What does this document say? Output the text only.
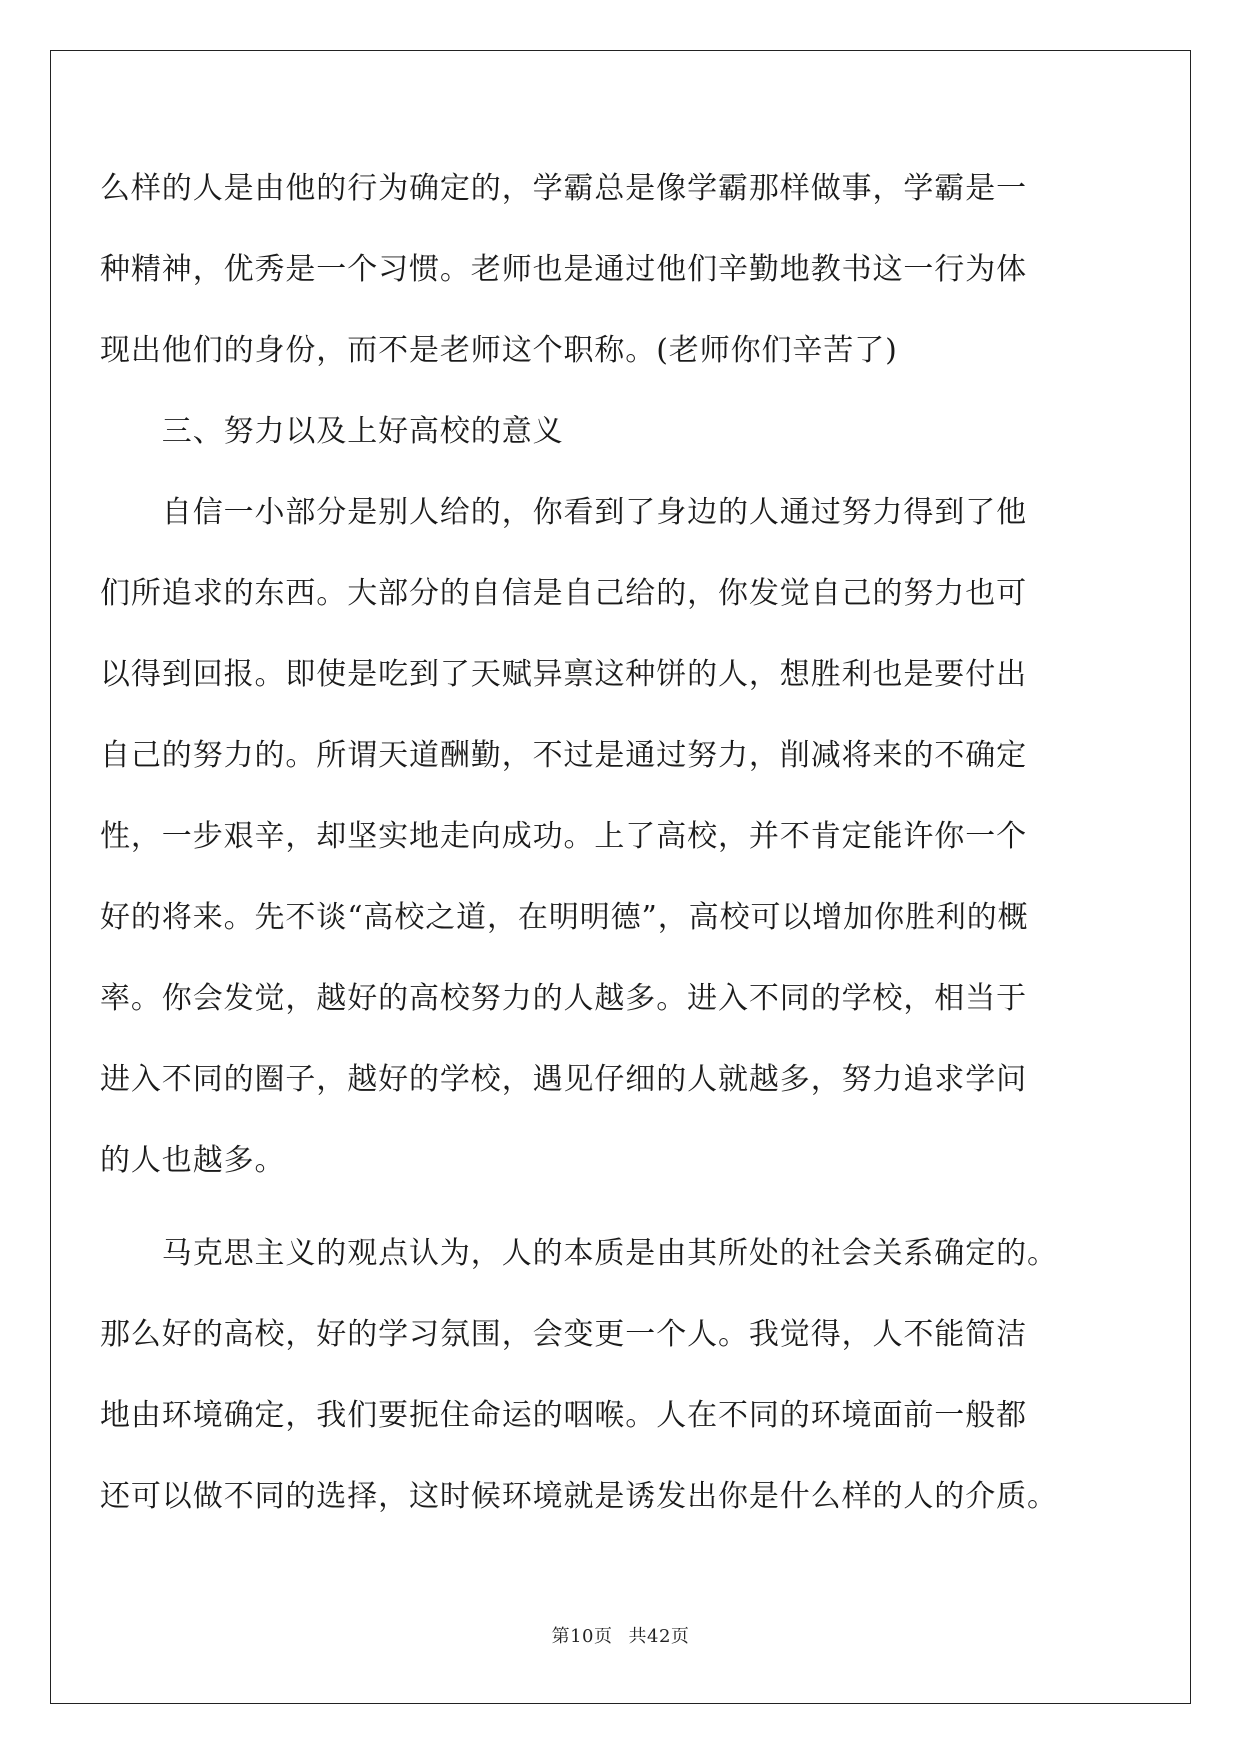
么样的人是由他的行为确定的，学霸总是像学霸那样做事，学霸是一
种精神，优秀是一个习惯。老师也是通过他们辛勤地教书这一行为体
现出他们的身份，而不是老师这个职称。(老师你们辛苦了)
　　三、努力以及上好高校的意义
　　自信一小部分是别人给的，你看到了身边的人通过努力得到了他
们所追求的东西。大部分的自信是自己给的，你发觉自己的努力也可
以得到回报。即使是吃到了天赋异禀这种饼的人，想胜利也是要付出
自己的努力的。所谓天道酬勤，不过是通过努力，削减将来的不确定
性，一步艰辛，却坚实地走向成功。上了高校，并不肯定能许你一个
好的将来。先不谈“高校之道，在明明德”，高校可以增加你胜利的概
率。你会发觉，越好的高校努力的人越多。进入不同的学校，相当于
进入不同的圈子，越好的学校，遇见仔细的人就越多，努力追求学问
的人也越多。
　　马克思主义的观点认为，人的本质是由其所处的社会关系确定的。
那么好的高校，好的学习氛围，会变更一个人。我觉得，人不能简洁
地由环境确定，我们要扼住命运的咽喉。人在不同的环境面前一般都
还可以做不同的选择，这时候环境就是诱发出你是什么样的人的介质。
第10页 共42页
